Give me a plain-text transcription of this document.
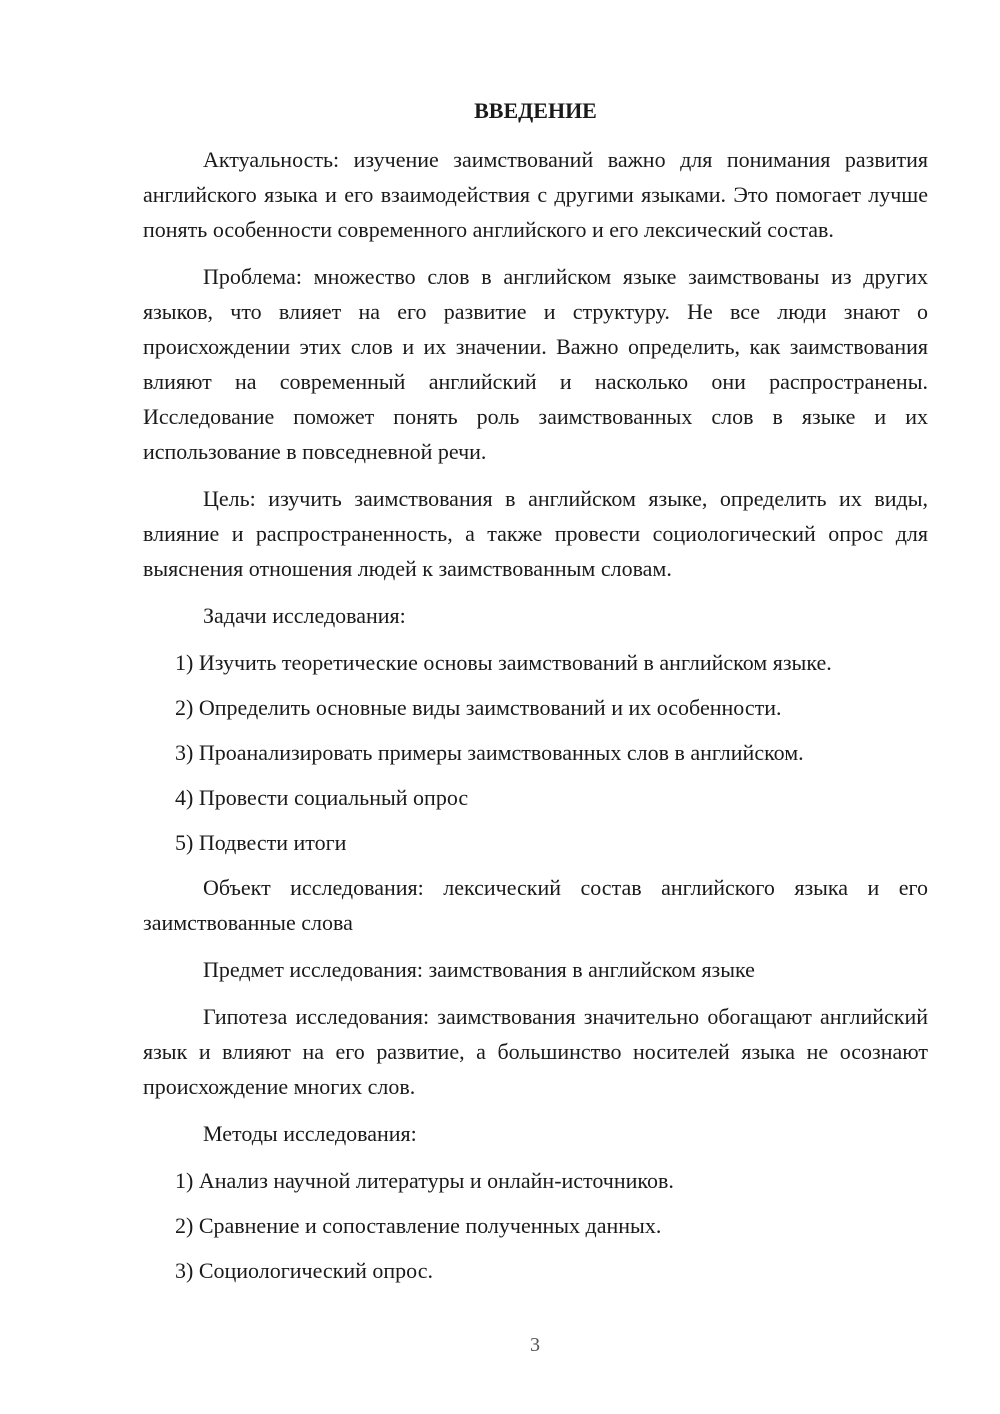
ВВЕДЕНИЕ

Актуальность: изучение заимствований важно для понимания развития английского языка и его взаимодействия с другими языками. Это помогает лучше понять особенности современного английского и его лексический состав.

Проблема: множество слов в английском языке заимствованы из других языков, что влияет на его развитие и структуру. Не все люди знают о происхождении этих слов и их значении. Важно определить, как заимствования влияют на современный английский и насколько они распространены. Исследование поможет понять роль заимствованных слов в языке и их использование в повседневной речи.

Цель: изучить заимствования в английском языке, определить их виды, влияние и распространенность, а также провести социологический опрос для выяснения отношения людей к заимствованным словам.

Задачи исследования:

1) Изучить теоретические основы заимствований в английском языке.

2) Определить основные виды заимствований и их особенности.

3) Проанализировать примеры заимствованных слов в английском.

4) Провести социальный опрос

5) Подвести итоги

Объект исследования: лексический состав английского языка и его заимствованные слова

Предмет исследования: заимствования в английском языке

Гипотеза исследования: заимствования значительно обогащают английский язык и влияют на его развитие, а большинство носителей языка не осознают происхождение многих слов.

Методы исследования:

1) Анализ научной литературы и онлайн-источников.

2) Сравнение и сопоставление полученных данных.

3) Социологический опрос.

3
